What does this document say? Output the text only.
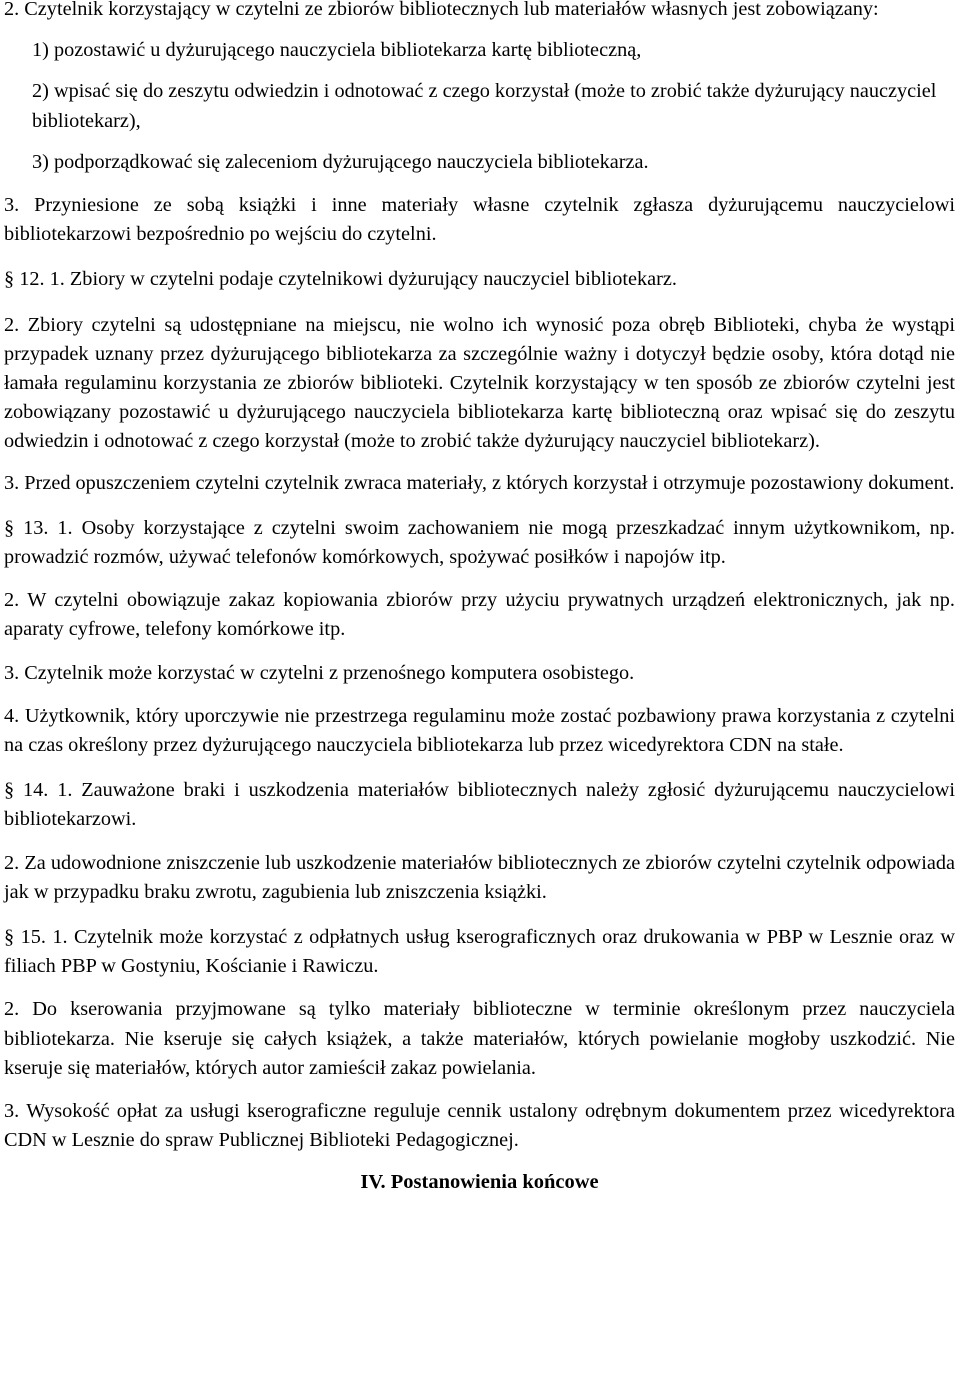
2. Czytelnik korzystający w czytelni ze zbiorów bibliotecznych lub materiałów własnych jest zobowiązany:

1) pozostawić u dyżurującego nauczyciela bibliotekarza kartę biblioteczną,

2) wpisać się do zeszytu odwiedzin i odnotować z czego korzystał (może to zrobić także dyżurujący nauczyciel bibliotekarz),

3) podporządkować się zaleceniom dyżurującego nauczyciela bibliotekarza.

3. Przyniesione ze sobą książki i inne materiały własne czytelnik zgłasza dyżurującemu nauczycielowi bibliotekarzowi bezpośrednio po wejściu do czytelni.

§ 12. 1. Zbiory w czytelni podaje czytelnikowi dyżurujący nauczyciel bibliotekarz.

2. Zbiory czytelni są udostępniane na miejscu, nie wolno ich wynosić poza obręb Biblioteki, chyba że wystąpi przypadek uznany przez dyżurującego bibliotekarza za szczególnie ważny i dotyczył będzie osoby, która dotąd nie łamała regulaminu korzystania ze zbiorów biblioteki. Czytelnik korzystający w ten sposób ze zbiorów czytelni jest zobowiązany pozostawić u dyżurującego nauczyciela bibliotekarza kartę biblioteczną oraz wpisać się do zeszytu odwiedzin i odnotować z czego korzystał (może to zrobić także dyżurujący nauczyciel bibliotekarz).

3. Przed opuszczeniem czytelni czytelnik zwraca materiały, z których korzystał i otrzymuje pozostawiony dokument.

§ 13. 1. Osoby korzystające z czytelni swoim zachowaniem nie mogą przeszkadzać innym użytkownikom, np. prowadzić rozmów, używać telefonów komórkowych, spożywać posiłków i napojów itp.

2. W czytelni obowiązuje zakaz kopiowania zbiorów przy użyciu prywatnych urządzeń elektronicznych, jak np. aparaty cyfrowe, telefony komórkowe itp.

3. Czytelnik może korzystać w czytelni z przenośnego komputera osobistego.

4. Użytkownik, który uporczywie nie przestrzega regulaminu może zostać pozbawiony prawa korzystania z czytelni na czas określony przez dyżurującego nauczyciela bibliotekarza lub przez wicedyrektora CDN na stałe.

§ 14. 1. Zauważone braki i uszkodzenia materiałów bibliotecznych należy zgłosić dyżurującemu nauczycielowi bibliotekarzowi.

2. Za udowodnione zniszczenie lub uszkodzenie materiałów bibliotecznych ze zbiorów czytelni czytelnik odpowiada jak w przypadku braku zwrotu, zagubienia lub zniszczenia książki.

§ 15. 1. Czytelnik może korzystać z odpłatnych usług kserograficznych oraz drukowania w PBP w Lesznie oraz w filiach PBP w Gostyniu, Kościanie i Rawiczu.

2. Do kserowania przyjmowane są tylko materiały biblioteczne w terminie określonym przez nauczyciela bibliotekarza. Nie kseruje się całych książek, a także materiałów, których powielanie mogłoby uszkodzić. Nie kseruje się materiałów, których autor zamieścił zakaz powielania.

3. Wysokość opłat za usługi kserograficzne reguluje cennik ustalony odrębnym dokumentem przez wicedyrektora CDN w Lesznie do spraw Publicznej Biblioteki Pedagogicznej.

IV. Postanowienia końcowe
